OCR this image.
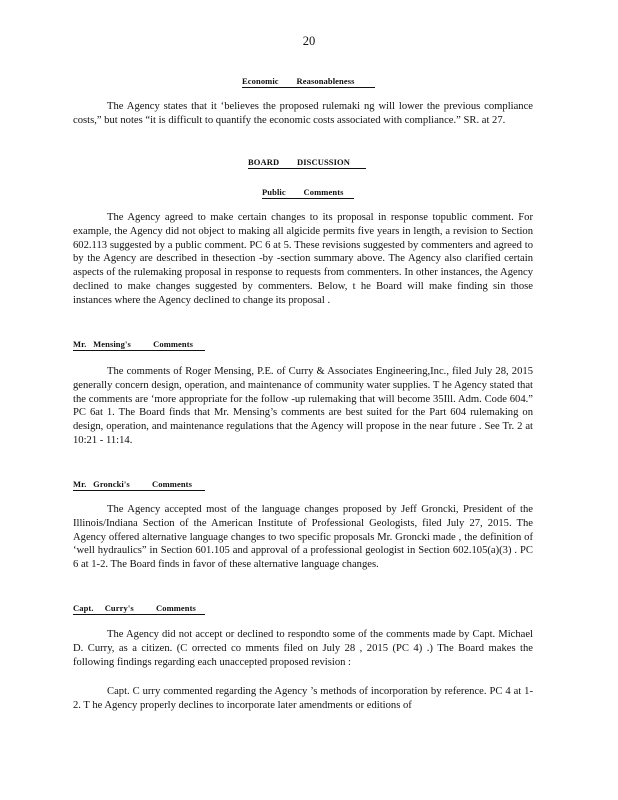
20
Economic        Reasonableness

The Agency states that it ‘believes the proposed rulemaki ng will lower the previous compliance costs,” but notes “it is difficult to quantify the economic costs associated with compliance.” SR. at 27.

BOARD        DISCUSSION
Public        Comments

The Agency agreed to make certain changes to its proposal in response topublic comment. For example, the Agency did not object to making all algicide permits five years in length, a revision to Section 602.113 suggested by a public comment. PC 6 at 5. These revisions suggested by commenters and agreed to by the Agency are described in thesection -by -section summary above. The Agency also clarified certain aspects of the rulemaking proposal in response to requests from commenters. In other instances, the Agency declined to make changes suggested by commenters. Below, t he Board will make finding sin those instances where the Agency declined to change its proposal .

Mr.   Mensing's          Comments

The comments of Roger Mensing, P.E. of Curry & Associates Engineering,Inc., filed July 28, 2015 generally concern design, operation, and maintenance of community water supplies. T he Agency stated that the comments are ‘more appropriate for the follow -up rulemaking that will become 35Ill. Adm. Code 604.” PC 6at 1. The Board finds that Mr. Mensing’s comments are best suited for the Part 604 rulemaking on design, operation, and maintenance regulations that the Agency will propose in the near future . See Tr. 2 at 10:21 - 11:14.

Mr.   Groncki's          Comments

The Agency accepted most of the language changes proposed by Jeff Groncki, President of the Illinois/Indiana Section of the American Institute of Professional Geologists, filed July 27, 2015. The Agency offered alternative language changes to two specific proposals Mr. Groncki made , the definition of ‘well hydraulics” in Section 601.105 and approval of a professional geologist in Section 602.105(a)(3) . PC 6 at 1-2. The Board finds in favor of these alternative language changes.

Capt.     Curry's          Comments

The Agency did not accept or declined to respondto some of the comments made by Capt. Michael D. Curry, as a citizen. (C orrected co mments filed on July 28 , 2015 (PC 4) .) The Board makes the following findings regarding each unaccepted proposed revision :

Capt. C urry commented regarding the Agency ’s methods of incorporation by reference. PC 4 at 1- 2. T he Agency properly declines to incorporate later amendments or editions of
